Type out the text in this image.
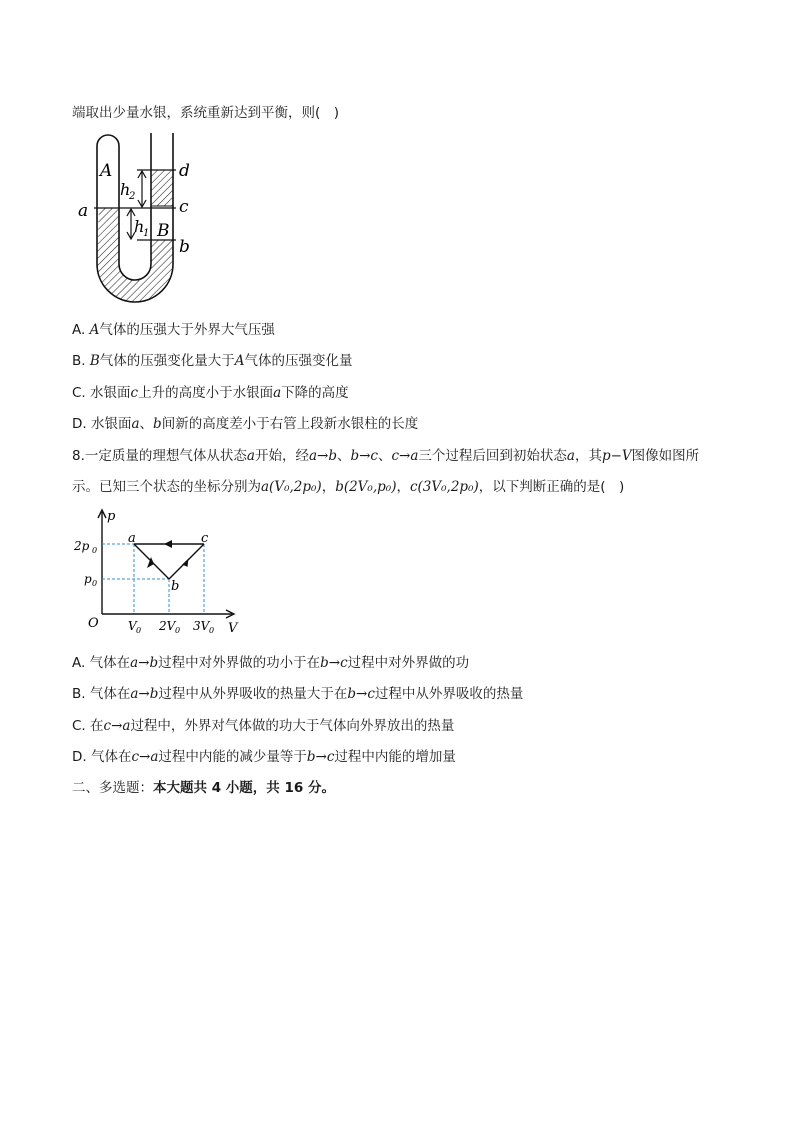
端取出少量水银，系统重新达到平衡，则(　)
A
B
a
b
c
d
h
2
h
1
A. A气体的压强大于外界大气压强
B. B气体的压强变化量大于A气体的压强变化量
C. 水银面c上升的高度小于水银面a下降的高度
D. 水银面a、b间新的高度差小于右管上段新水银柱的长度
8.一定质量的理想气体从状态a开始，经a→b、b→c、c→a三个过程后回到初始状态a，其p−V图像如图所
示。已知三个状态的坐标分别为a(V₀,2p₀)，b(2V₀,p₀)，c(3V₀,2p₀)，以下判断正确的是(　)
p
V
O
a
b
c
2p 0
p 0
V 0 2V 0 3V 0
A. 气体在a→b过程中对外界做的功小于在b→c过程中对外界做的功
B. 气体在a→b过程中从外界吸收的热量大于在b→c过程中从外界吸收的热量
C. 在c→a过程中，外界对气体做的功大于气体向外界放出的热量
D. 气体在c→a过程中内能的减少量等于b→c过程中内能的增加量
二、多选题：本大题共 4 小题，共 16 分。
